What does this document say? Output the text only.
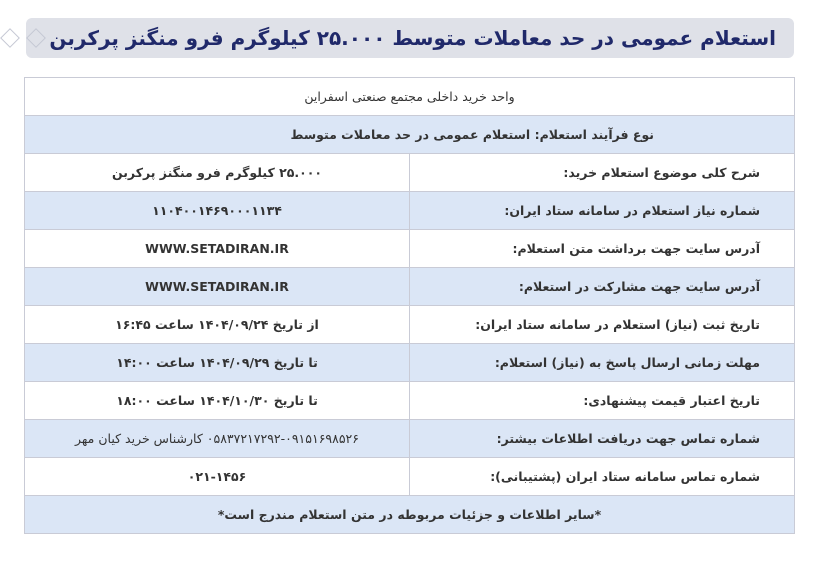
استعلام عمومی در حد معاملات متوسط ۲۵.۰۰۰ کیلوگرم فرو منگنز پرکربن
واحد خرید داخلی مجتمع صنعتی اسفراین	
نوع فرآیند استعلام: استعلام عمومی در حد معاملات متوسط	
شرح کلی موضوع استعلام خرید:	۲۵.۰۰۰ کیلوگرم فرو منگنز پرکربن
شماره نیاز استعلام در سامانه ستاد ایران:	۱۱۰۴۰۰۱۴۶۹۰۰۰۱۱۳۴
آدرس سایت جهت برداشت متن استعلام:	WWW.SETADIRAN.IR
آدرس سایت جهت مشارکت در استعلام:	WWW.SETADIRAN.IR
تاریخ ثبت (نیاز) استعلام در سامانه ستاد ایران:	از تاریخ ۱۴۰۴/۰۹/۲۴ ساعت ۱۶:۴۵
مهلت زمانی ارسال پاسخ به (نیاز) استعلام:	تا تاریخ ۱۴۰۴/۰۹/۲۹ ساعت ۱۴:۰۰
تاریخ اعتبار قیمت پیشنهادی:	تا تاریخ ۱۴۰۴/۱۰/۳۰ ساعت ۱۸:۰۰
شماره تماس جهت دریافت اطلاعات بیشتر:	۰۵۸۳۷۲۱۷۲۹۲-۰۹۱۵۱۶۹۸۵۲۶ کارشناس خرید کیان مهر
شماره تماس سامانه ستاد ایران (پشتیبانی):	۰۲۱-۱۴۵۶
*سایر اطلاعات و جزئیات مربوطه در متن استعلام مندرج است*	
